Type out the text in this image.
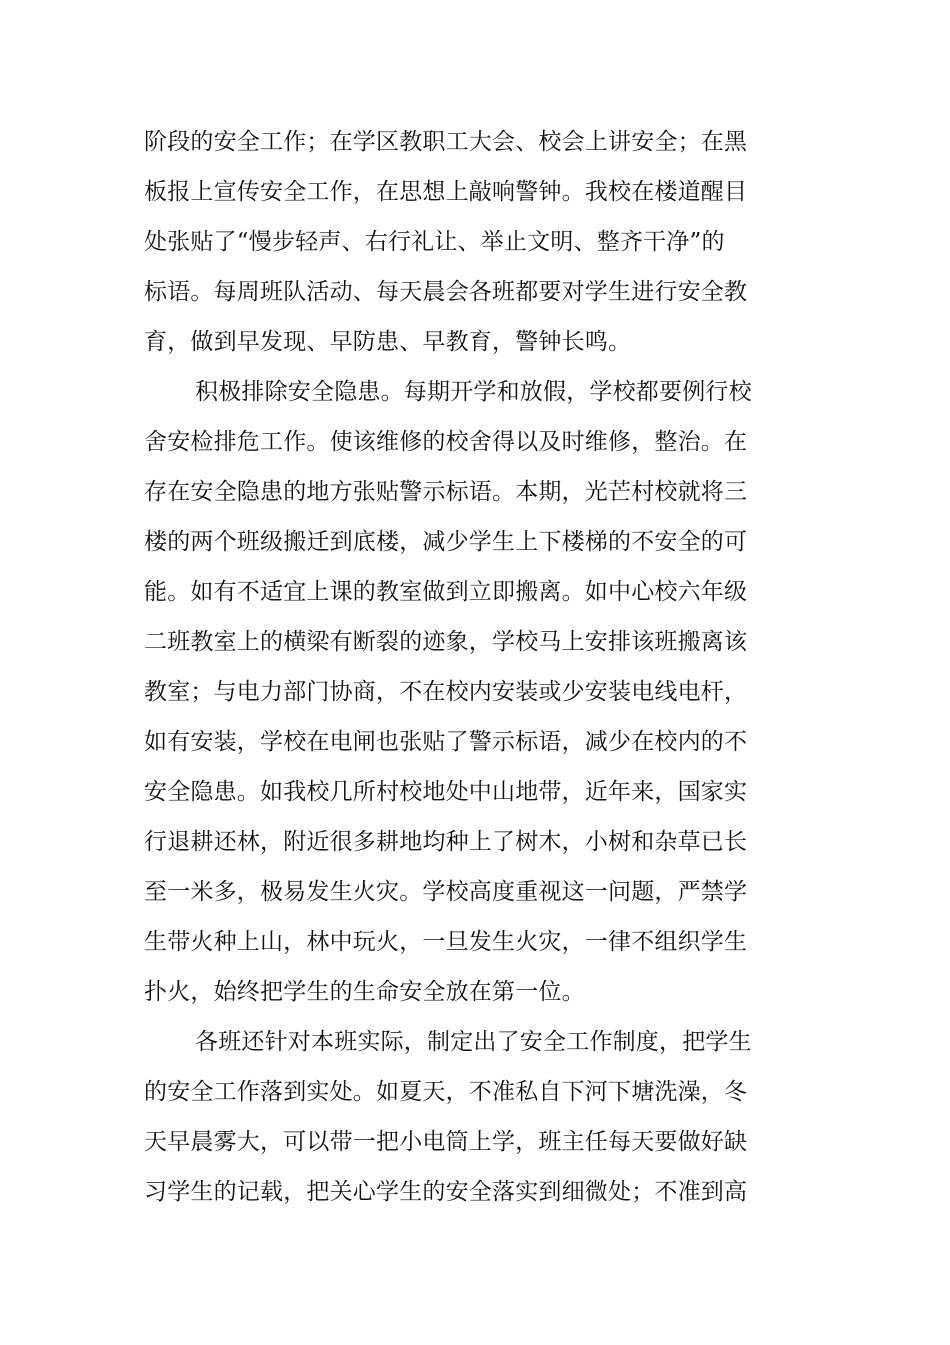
阶段的安全工作；在学区教职工大会、校会上讲安全；在黑
板报上宣传安全工作，在思想上敲响警钟。我校在楼道醒目
处张贴了“慢步轻声、右行礼让、举止文明、整齐干净”的
标语。每周班队活动、每天晨会各班都要对学生进行安全教
育，做到早发现、早防患、早教育，警钟长鸣。
积极排除安全隐患。每期开学和放假，学校都要例行校
舍安检排危工作。使该维修的校舍得以及时维修，整治。在
存在安全隐患的地方张贴警示标语。本期，光芒村校就将三
楼的两个班级搬迁到底楼，减少学生上下楼梯的不安全的可
能。如有不适宜上课的教室做到立即搬离。如中心校六年级
二班教室上的横梁有断裂的迹象，学校马上安排该班搬离该
教室；与电力部门协商，不在校内安装或少安装电线电杆，
如有安装，学校在电闸也张贴了警示标语，减少在校内的不
安全隐患。如我校几所村校地处中山地带，近年来，国家实
行退耕还林，附近很多耕地均种上了树木，小树和杂草已长
至一米多，极易发生火灾。学校高度重视这一问题，严禁学
生带火种上山，林中玩火，一旦发生火灾，一律不组织学生
扑火，始终把学生的生命安全放在第一位。
各班还针对本班实际，制定出了安全工作制度，把学生
的安全工作落到实处。如夏天，不准私自下河下塘洗澡，冬
天早晨雾大，可以带一把小电筒上学，班主任每天要做好缺
习学生的记载，把关心学生的安全落实到细微处；不准到高
